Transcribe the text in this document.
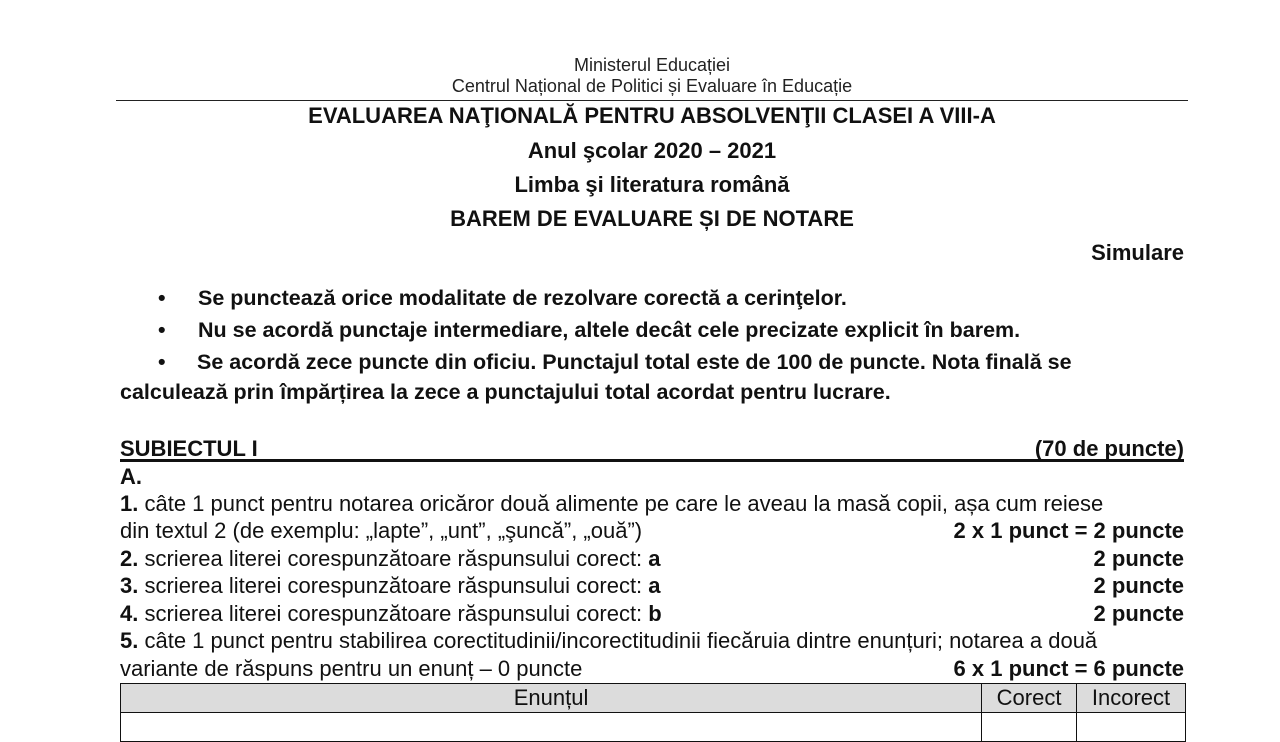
Ministerul Educației
Centrul Național de Politici și Evaluare în Educație
EVALUAREA NAŢIONALĂ PENTRU ABSOLVENŢII CLASEI A VIII-A
Anul şcolar 2020 – 2021
Limba şi literatura română
BAREM DE EVALUARE ȘI DE NOTARE
Simulare
• Se punctează orice modalitate de rezolvare corectă a cerinţelor.
• Nu se acordă punctaje intermediare, altele decât cele precizate explicit în barem.
• Se acordă zece puncte din oficiu. Punctajul total este de 100 de puncte. Nota finală se
calculează prin împărțirea la zece a punctajului total acordat pentru lucrare.
SUBIECTUL I	(70 de puncte)
A.
1. câte 1 punct pentru notarea oricăror două alimente pe care le aveau la masă copii, așa cum reiese
din textul 2 (de exemplu: „lapte”, „unt”, „şuncă”, „ouă”)	2 x 1 punct = 2 puncte
2. scrierea literei corespunzătoare răspunsului corect: a	2 puncte
3. scrierea literei corespunzătoare răspunsului corect: a	2 puncte
4. scrierea literei corespunzătoare răspunsului corect: b	2 puncte
5. câte 1 punct pentru stabilirea corectitudinii/incorectitudinii fiecăruia dintre enunțuri; notarea a două
variante de răspuns pentru un enunț – 0 puncte	6 x 1 punct = 6 puncte
Enunțul	Corect	Incorect
